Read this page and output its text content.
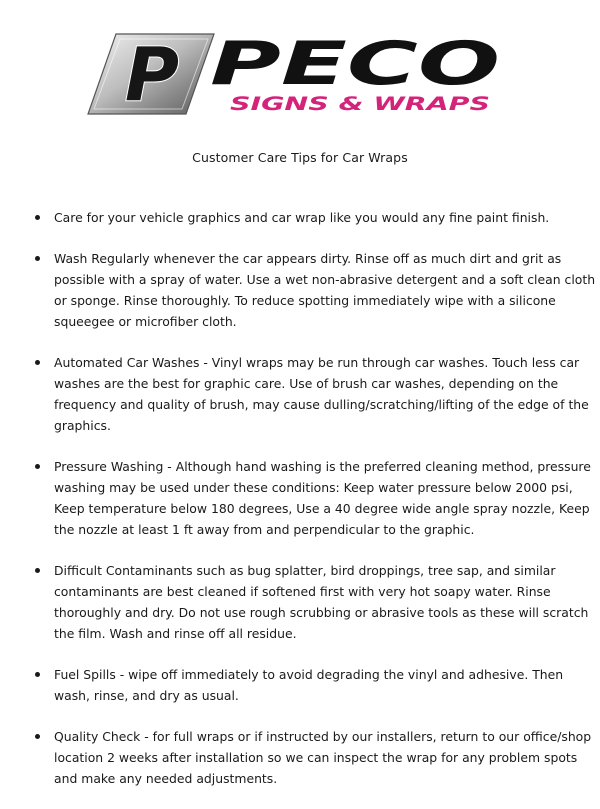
P PECO
SIGNS & WRAPS
Customer Care Tips for Car Wraps
Care for your vehicle graphics and car wrap like you would any fine paint finish.
Wash Regularly whenever the car appears dirty. Rinse off as much dirt and grit as possible with a spray of water. Use a wet non-abrasive detergent and a soft clean cloth or sponge. Rinse thoroughly. To reduce spotting immediately wipe with a silicone squeegee or microfiber cloth.
Automated Car Washes - Vinyl wraps may be run through car washes. Touch less car washes are the best for graphic care. Use of brush car washes, depending on the frequency and quality of brush, may cause dulling/scratching/lifting of the edge of the graphics.
Pressure Washing - Although hand washing is the preferred cleaning method, pressure washing may be used under these conditions: Keep water pressure below 2000 psi, Keep temperature below 180 degrees, Use a 40 degree wide angle spray nozzle, Keep the nozzle at least 1 ft away from and perpendicular to the graphic.
Difficult Contaminants such as bug splatter, bird droppings, tree sap, and similar contaminants are best cleaned if softened first with very hot soapy water. Rinse thoroughly and dry. Do not use rough scrubbing or abrasive tools as these will scratch the film. Wash and rinse off all residue.
Fuel Spills - wipe off immediately to avoid degrading the vinyl and adhesive. Then wash, rinse, and dry as usual.
Quality Check - for full wraps or if instructed by our installers, return to our office/shop location 2 weeks after installation so we can inspect the wrap for any problem spots and make any needed adjustments.
